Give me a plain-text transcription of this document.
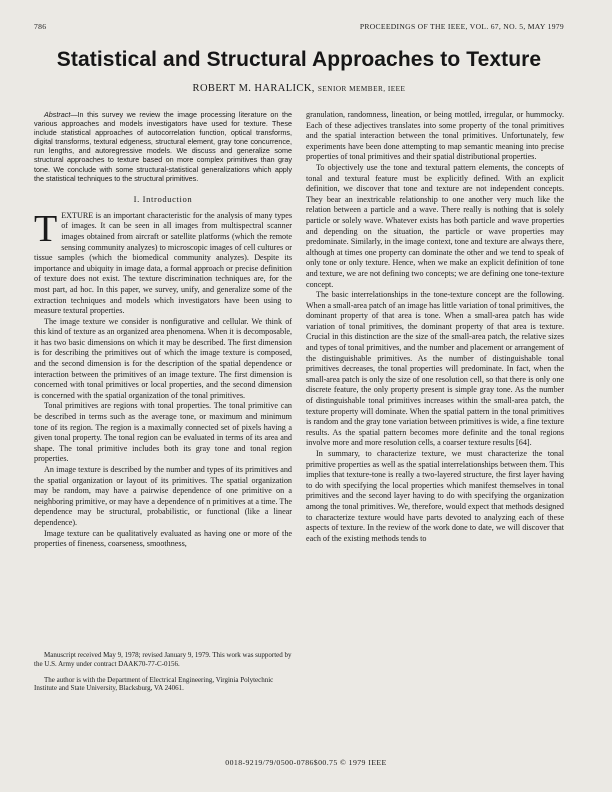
786	PROCEEDINGS OF THE IEEE, VOL. 67, NO. 5, MAY 1979
Statistical and Structural Approaches to Texture
ROBERT M. HARALICK, SENIOR MEMBER, IEEE

Abstract—In this survey we review the image processing literature on the various approaches and models investigators have used for texture. These include statistical approaches of autocorrelation function, optical transforms, digital transforms, textural edgeness, structural element, gray tone concurrence, run lengths, and autoregressive models. We discuss and generalize some structural approaches to texture based on more complex primitives than gray tone. We conclude with some structural-statistical generalizations which apply the statistical techniques to the structural primitives.

I. Introduction

TEXTURE is an important characteristic for the analysis of many types of images. It can be seen in all images from multispectral scanner images obtained from aircraft or satellite platforms (which the remote sensing community analyzes) to microscopic images of cell cultures or tissue samples (which the biomedical community analyzes). Despite its importance and ubiquity in image data, a formal approach or precise definition of texture does not exist. The texture discrimination techniques are, for the most part, ad hoc. In this paper, we survey, unify, and generalize some of the extraction techniques and models which investigators have been using to measure textural properties.

The image texture we consider is nonfigurative and cellular. We think of this kind of texture as an organized area phenomena. When it is decomposable, it has two basic dimensions on which it may be described. The first dimension is for describing the primitives out of which the image texture is composed, and the second dimension is for the description of the spatial dependence or interaction between the primitives of an image texture. The first dimension is concerned with tonal primitives or local properties, and the second dimension is concerned with the spatial organization of the tonal primitives.

Tonal primitives are regions with tonal properties. The tonal primitive can be described in terms such as the average tone, or maximum and minimum tone of its region. The region is a maximally connected set of pixels having a given tonal property. The tonal region can be evaluated in terms of its area and shape. The tonal primitive includes both its gray tone and tonal region properties.

An image texture is described by the number and types of its primitives and the spatial organization or layout of its primitives. The spatial organization may be random, may have a pairwise dependence of one primitive on a neighboring primitive, or may have a dependence of n primitives at a time. The dependence may be structural, probabilistic, or functional (like a linear dependence).

Image texture can be qualitatively evaluated as having one or more of the properties of fineness, coarseness, smoothness,

granulation, randomness, lineation, or being mottled, irregular, or hummocky. Each of these adjectives translates into some property of the tonal primitives and the spatial interaction between the tonal primitives. Unfortunately, few experiments have been done attempting to map semantic meaning into precise properties of tonal primitives and their spatial distributional properties.

To objectively use the tone and textural pattern elements, the concepts of tonal and textural feature must be explicitly defined. With an explicit definition, we discover that tone and texture are not independent concepts. They bear an inextricable relationship to one another very much like the relation between a particle and a wave. There really is nothing that is solely particle or solely wave. Whatever exists has both particle and wave properties and depending on the situation, the particle or wave properties may predominate. Similarly, in the image context, tone and texture are always there, although at times one property can dominate the other and we tend to speak of only tone or only texture. Hence, when we make an explicit definition of tone and texture, we are not defining two concepts; we are defining one tone-texture concept.

The basic interrelationships in the tone-texture concept are the following. When a small-area patch of an image has little variation of tonal primitives, the dominant property of that area is tone. When a small-area patch has wide variation of tonal primitives, the dominant property of that area is texture. Crucial in this distinction are the size of the small-area patch, the relative sizes and types of tonal primitives, and the number and placement or arrangement of the distinguishable primitives. As the number of distinguishable tonal primitives decreases, the tonal properties will predominate. In fact, when the small-area patch is only the size of one resolution cell, so that there is only one discrete feature, the only property present is simple gray tone. As the number of distinguishable tonal primitives increases within the small-area patch, the texture property will dominate. When the spatial pattern in the tonal primitives is random and the gray tone variation between primitives is wide, a fine texture results. As the spatial pattern becomes more definite and the tonal regions involve more and more resolution cells, a coarser texture results [64].

In summary, to characterize texture, we must characterize the tonal primitive properties as well as the spatial interrelationships between them. This implies that texture-tone is really a two-layered structure, the first layer having to do with specifying the local properties which manifest themselves in tonal primitives and the second layer having to do with specifying the organization among the tonal primitives. We, therefore, would expect that methods designed to characterize texture would have parts devoted to analyzing each of these aspects of texture. In the review of the work done to date, we will discover that each of the existing methods tends to

Manuscript received May 9, 1978; revised January 9, 1979. This work was supported by the U.S. Army under contract DAAK70-77-C-0156.

The author is with the Department of Electrical Engineering, Virginia Polytechnic Institute and State University, Blacksburg, VA 24061.

0018-9219/79/0500-0786$00.75 © 1979 IEEE
